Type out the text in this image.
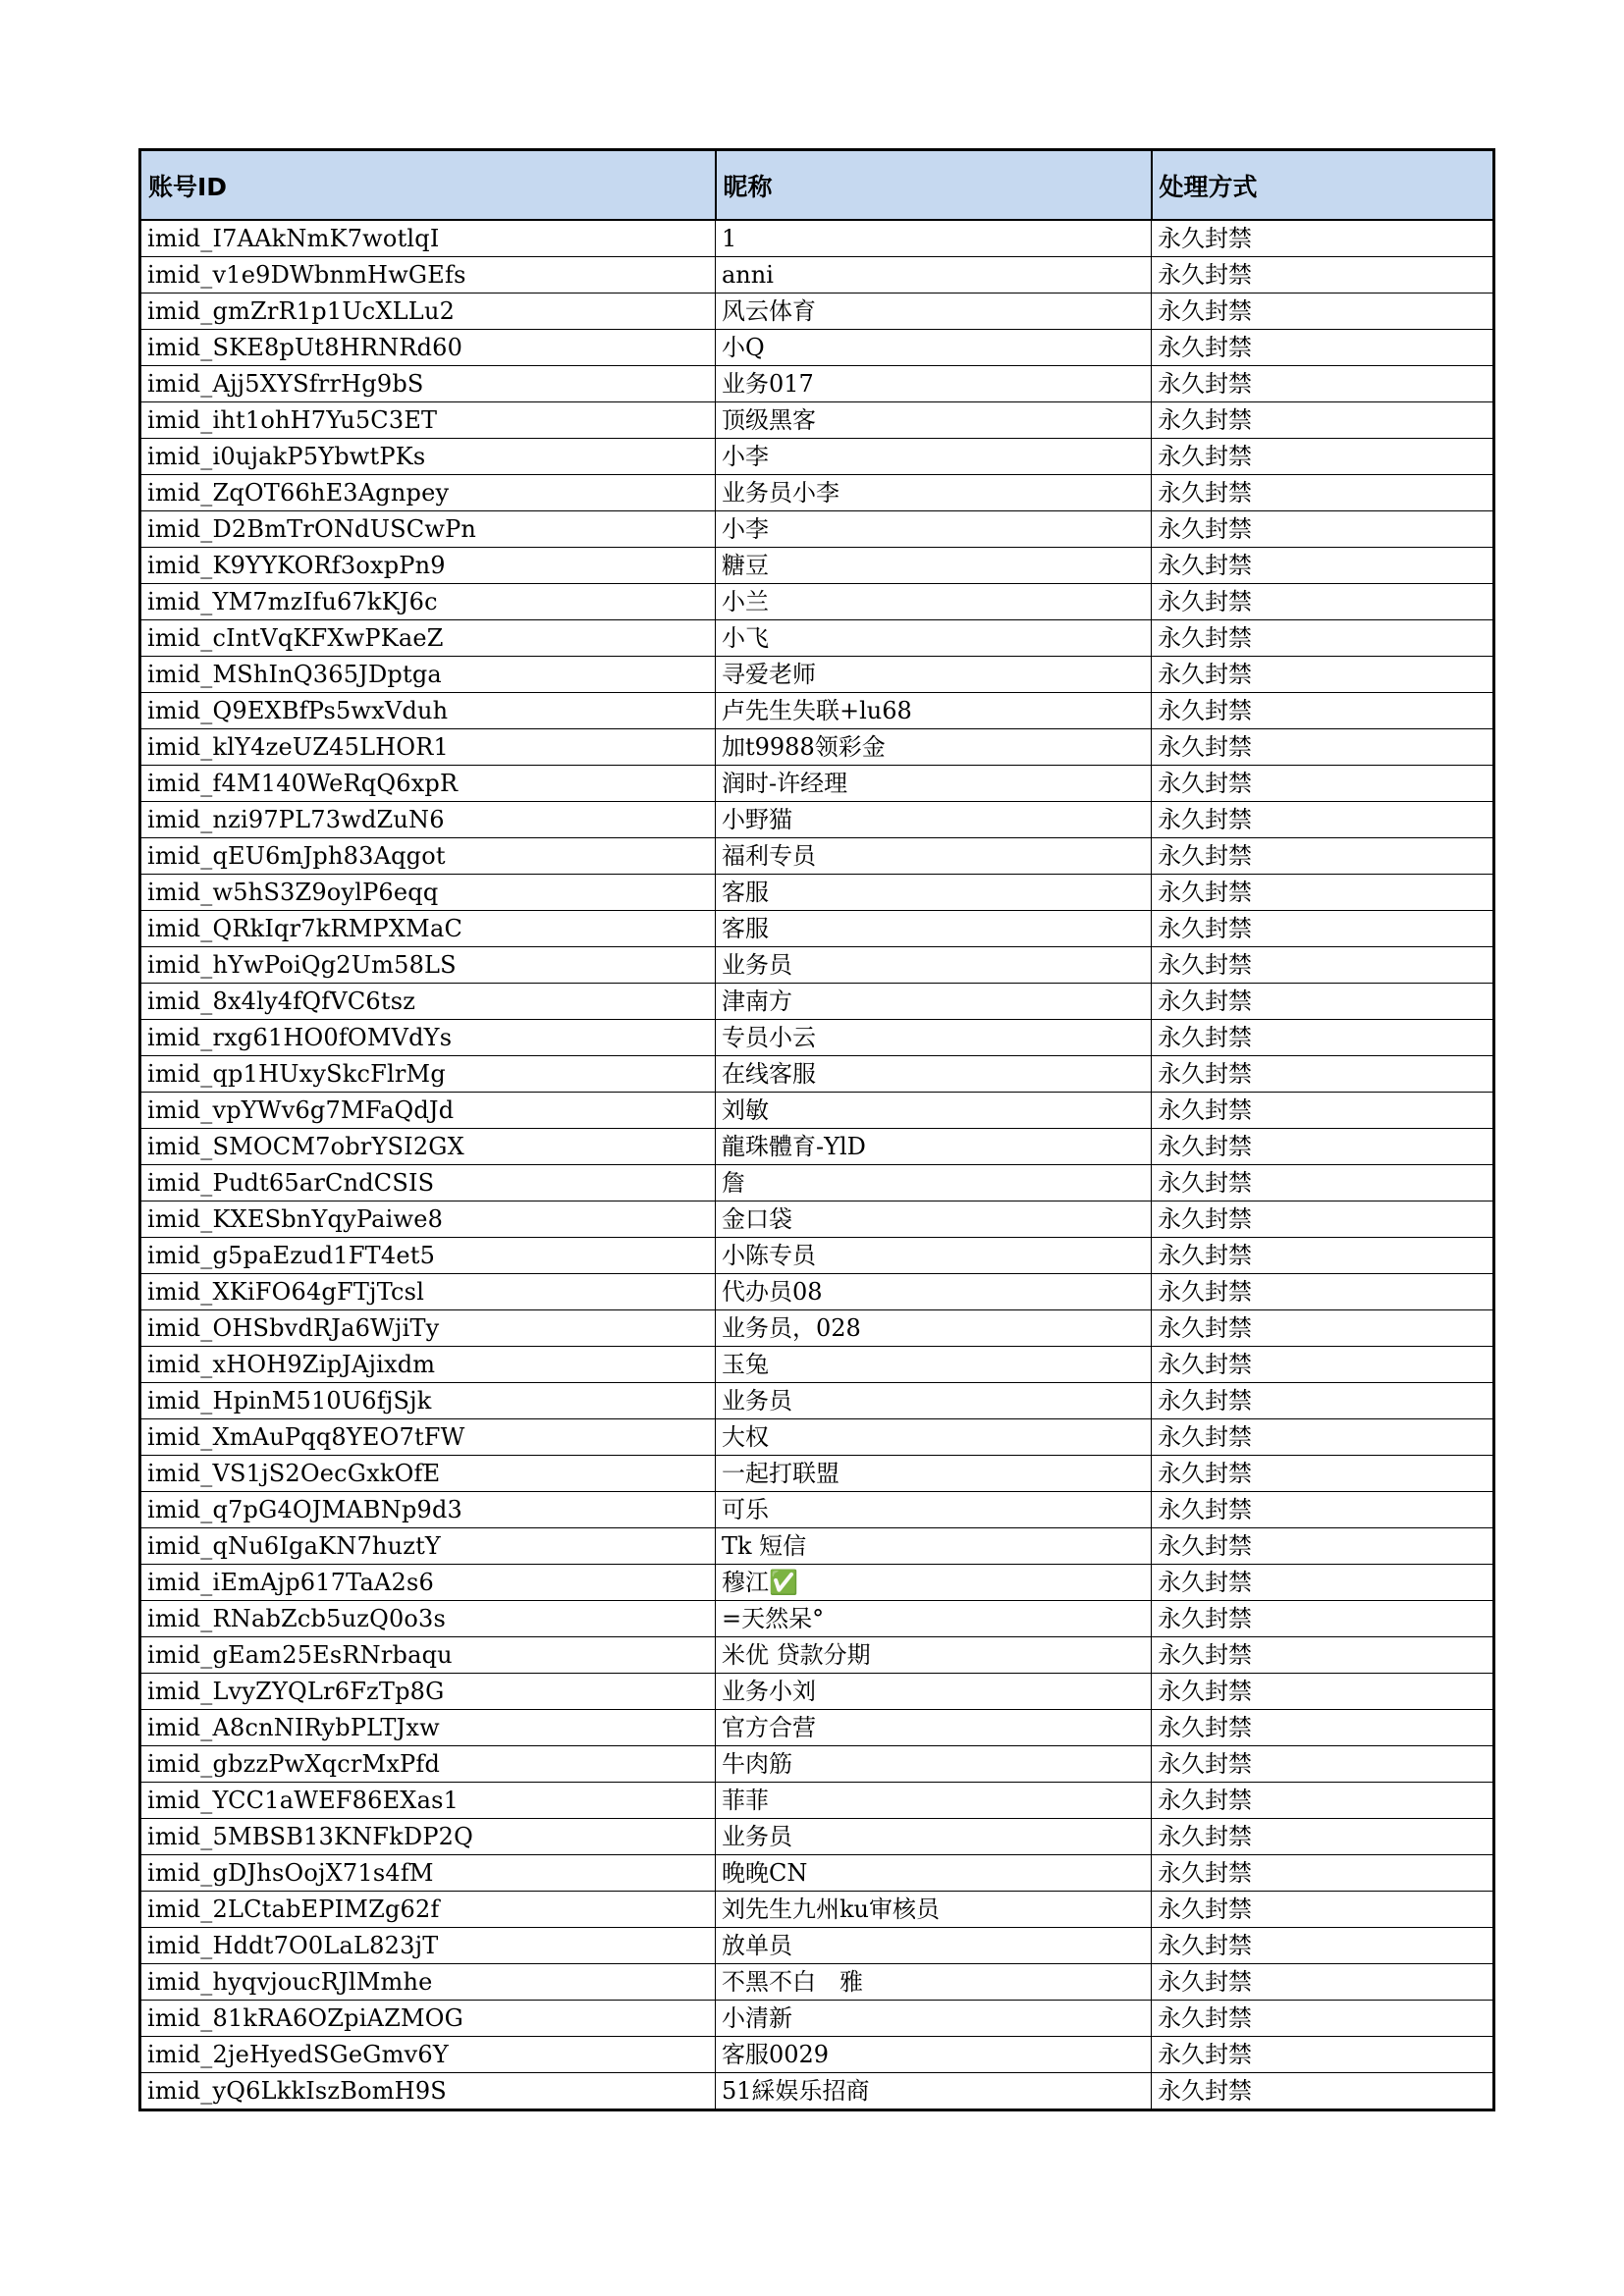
账号ID	昵称	处理方式
imid_I7AAkNmK7wotlqI	1	永久封禁
imid_v1e9DWbnmHwGEfs	anni	永久封禁
imid_gmZrR1p1UcXLLu2	风云体育	永久封禁
imid_SKE8pUt8HRNRd60	小Q	永久封禁
imid_Ajj5XYSfrrHg9bS	业务017	永久封禁
imid_iht1ohH7Yu5C3ET	顶级黑客	永久封禁
imid_i0ujakP5YbwtPKs	小李	永久封禁
imid_ZqOT66hE3Agnpey	业务员小李	永久封禁
imid_D2BmTrONdUSCwPn	小李	永久封禁
imid_K9YYKORf3oxpPn9	糖豆	永久封禁
imid_YM7mzIfu67kKJ6c	小兰	永久封禁
imid_cIntVqKFXwPKaeZ	小飞	永久封禁
imid_MShInQ365JDptga	寻爱老师	永久封禁
imid_Q9EXBfPs5wxVduh	卢先生失联+lu68	永久封禁
imid_klY4zeUZ45LHOR1	加t9988领彩金	永久封禁
imid_f4M140WeRqQ6xpR	润时-许经理	永久封禁
imid_nzi97PL73wdZuN6	小野猫	永久封禁
imid_qEU6mJph83Aqgot	福利专员	永久封禁
imid_w5hS3Z9oylP6eqq	客服	永久封禁
imid_QRkIqr7kRMPXMaC	客服	永久封禁
imid_hYwPoiQg2Um58LS	业务员	永久封禁
imid_8x4ly4fQfVC6tsz	津南方	永久封禁
imid_rxg61HO0fOMVdYs	专员小云	永久封禁
imid_qp1HUxySkcFlrMg	在线客服	永久封禁
imid_vpYWv6g7MFaQdJd	刘敏	永久封禁
imid_SMOCM7obrYSI2GX	龍珠體育-YlD	永久封禁
imid_Pudt65arCndCSIS	詹	永久封禁
imid_KXESbnYqyPaiwe8	金口袋	永久封禁
imid_g5paEzud1FT4et5	小陈专员	永久封禁
imid_XKiFO64gFTjTcsl	代办员08	永久封禁
imid_OHSbvdRJa6WjiTy	业务员，028	永久封禁
imid_xHOH9ZipJAjixdm	玉兔	永久封禁
imid_HpinM510U6fjSjk	业务员	永久封禁
imid_XmAuPqq8YEO7tFW	大权	永久封禁
imid_VS1jS2OecGxkOfE	一起打联盟	永久封禁
imid_q7pG4OJMABNp9d3	可乐	永久封禁
imid_qNu6IgaKN7huztY	Tk 短信	永久封禁
imid_iEmAjp617TaA2s6	穆江✅	永久封禁
imid_RNabZcb5uzQ0o3s	=天然呆°	永久封禁
imid_gEam25EsRNrbaqu	米优 贷款分期	永久封禁
imid_LvyZYQLr6FzTp8G	业务小刘	永久封禁
imid_A8cnNIRybPLTJxw	官方合营	永久封禁
imid_gbzzPwXqcrMxPfd	牛肉筋	永久封禁
imid_YCC1aWEF86EXas1	菲菲	永久封禁
imid_5MBSB13KNFkDP2Q	业务员	永久封禁
imid_gDJhsOojX71s4fM	晚晚CN	永久封禁
imid_2LCtabEPIMZg62f	刘先生九州ku审核员	永久封禁
imid_Hddt7O0LaL823jT	放单员	永久封禁
imid_hyqvjoucRJlMmhe	不黑不白　雅	永久封禁
imid_81kRA6OZpiAZMOG	小清新	永久封禁
imid_2jeHyedSGeGmv6Y	客服0029	永久封禁
imid_yQ6LkkIszBomH9S	51綵娱乐招商	永久封禁
